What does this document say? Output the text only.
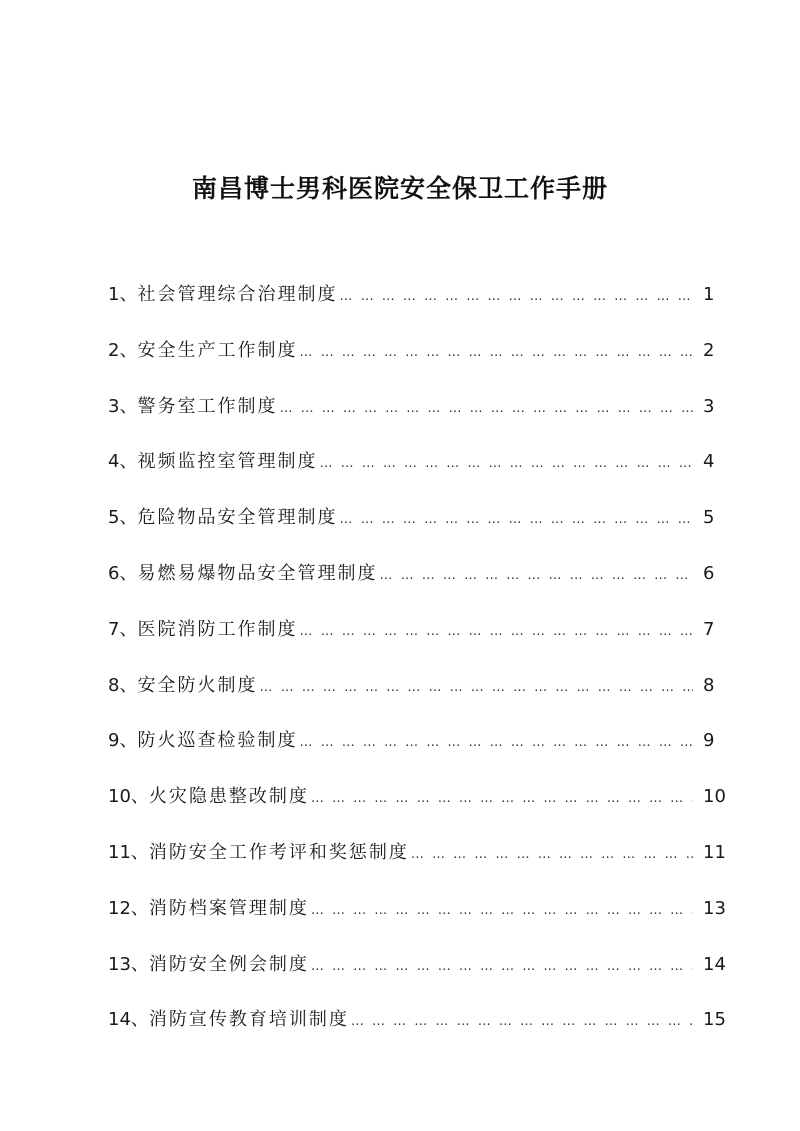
南昌博士男科医院安全保卫工作手册
1、 社会管理综合治理制度 … … … … … … … … … … … … … … … … … … … … … … … … … … … … … … … … … … … … … … … … … … …	1
2、 安全生产工作制度 … … … … … … … … … … … … … … … … … … … … … … … … … … … … … … … … … … … … … … … … … … …	2
3、 警务室工作制度 … … … … … … … … … … … … … … … … … … … … … … … … … … … … … … … … … … … … … … … … … … …	3
4、 视频监控室管理制度 … … … … … … … … … … … … … … … … … … … … … … … … … … … … … … … … … … … … … … … … … … …	4
5、 危险物品安全管理制度 … … … … … … … … … … … … … … … … … … … … … … … … … … … … … … … … … … … … … … … … … … …	5
6、 易燃易爆物品安全管理制度 … … … … … … … … … … … … … … … … … … … … … … … … … … … … … … … … … … … … … … … … … … …	6
7、 医院消防工作制度 … … … … … … … … … … … … … … … … … … … … … … … … … … … … … … … … … … … … … … … … … … …	7
8、 安全防火制度 … … … … … … … … … … … … … … … … … … … … … … … … … … … … … … … … … … … … … … … … … … …	8
9、 防火巡查检验制度 … … … … … … … … … … … … … … … … … … … … … … … … … … … … … … … … … … … … … … … … … … …	9
10、 火灾隐患整改制度 … … … … … … … … … … … … … … … … … … … … … … … … … … … … … … … … … … … … … … … … … … …	10
11、 消防安全工作考评和奖惩制度 … … … … … … … … … … … … … … … … … … … … … … … … … … … … … … … … … … … … … … … … … … …	11
12、 消防档案管理制度 … … … … … … … … … … … … … … … … … … … … … … … … … … … … … … … … … … … … … … … … … … …	13
13、 消防安全例会制度 … … … … … … … … … … … … … … … … … … … … … … … … … … … … … … … … … … … … … … … … … … …	14
14、 消防宣传教育培训制度 … … … … … … … … … … … … … … … … … … … … … … … … … … … … … … … … … … … … … … … … … … …	15
